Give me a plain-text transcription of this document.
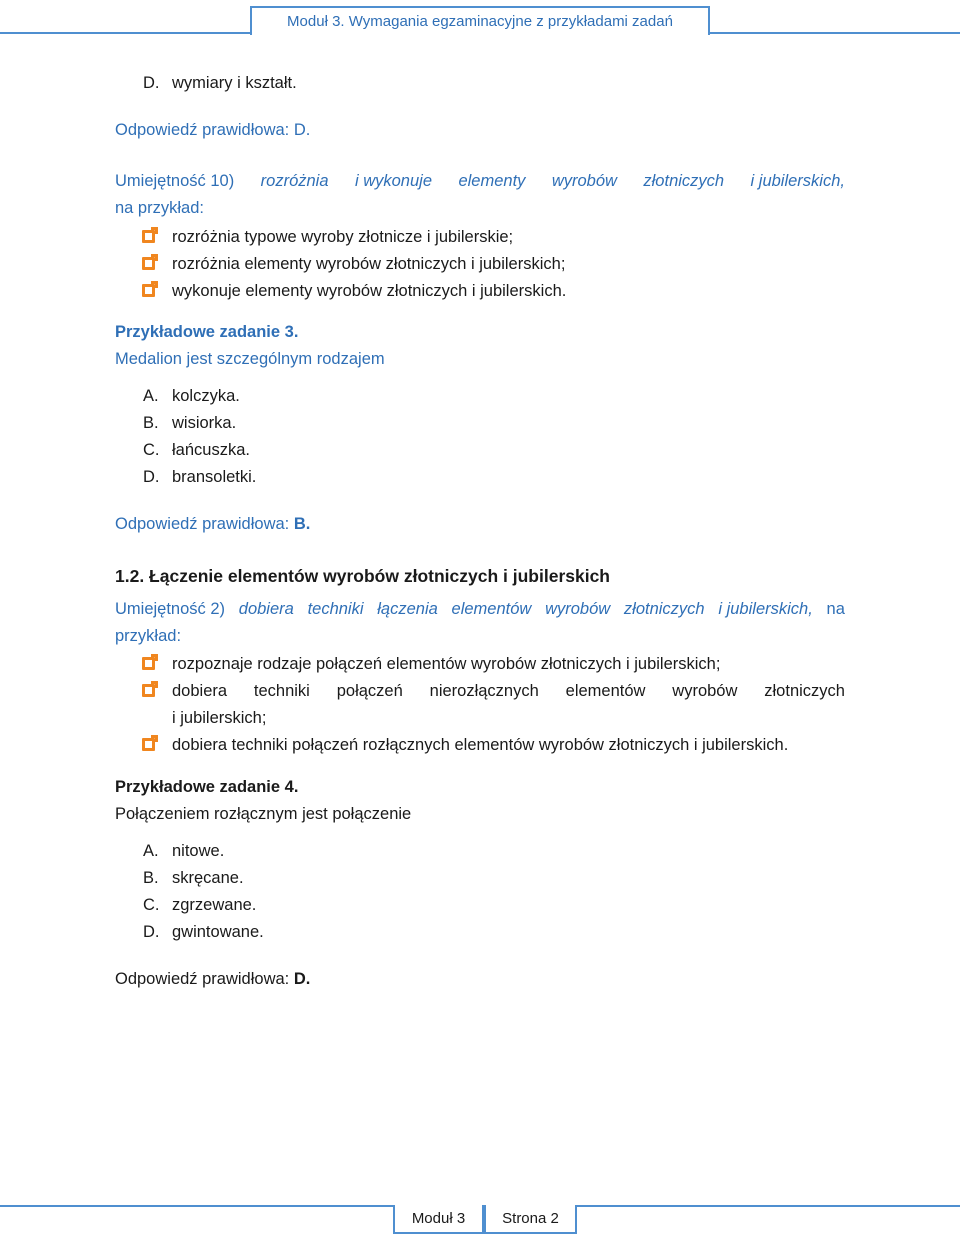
Moduł 3. Wymagania egzaminacyjne z przykładami zadań
D. wymiary i kształt.
Odpowiedź prawidłowa: D.
Umiejętność 10) rozróżnia i wykonuje elementy wyrobów złotniczych i jubilerskich,
na przykład:
rozróżnia typowe wyroby złotnicze i jubilerskie;
rozróżnia elementy wyrobów złotniczych i jubilerskich;
wykonuje elementy wyrobów złotniczych i jubilerskich.
Przykładowe zadanie 3.
Medalion jest szczególnym rodzajem
A. kolczyka.
B. wisiorka.
C. łańcuszka.
D. bransoletki.
Odpowiedź prawidłowa: B.
1.2. Łączenie elementów wyrobów złotniczych i jubilerskich
Umiejętność 2) dobiera techniki łączenia elementów wyrobów złotniczych i jubilerskich, na
przykład:
rozpoznaje rodzaje połączeń elementów wyrobów złotniczych i jubilerskich;
dobiera techniki połączeń nierozłącznych elementów wyrobów złotniczych
i jubilerskich;
dobiera techniki połączeń rozłącznych elementów wyrobów złotniczych i jubilerskich.
Przykładowe zadanie 4.
Połączeniem rozłącznym jest połączenie
A. nitowe.
B. skręcane.
C. zgrzewane.
D. gwintowane.
Odpowiedź prawidłowa: D.
Moduł 3 Strona 2
